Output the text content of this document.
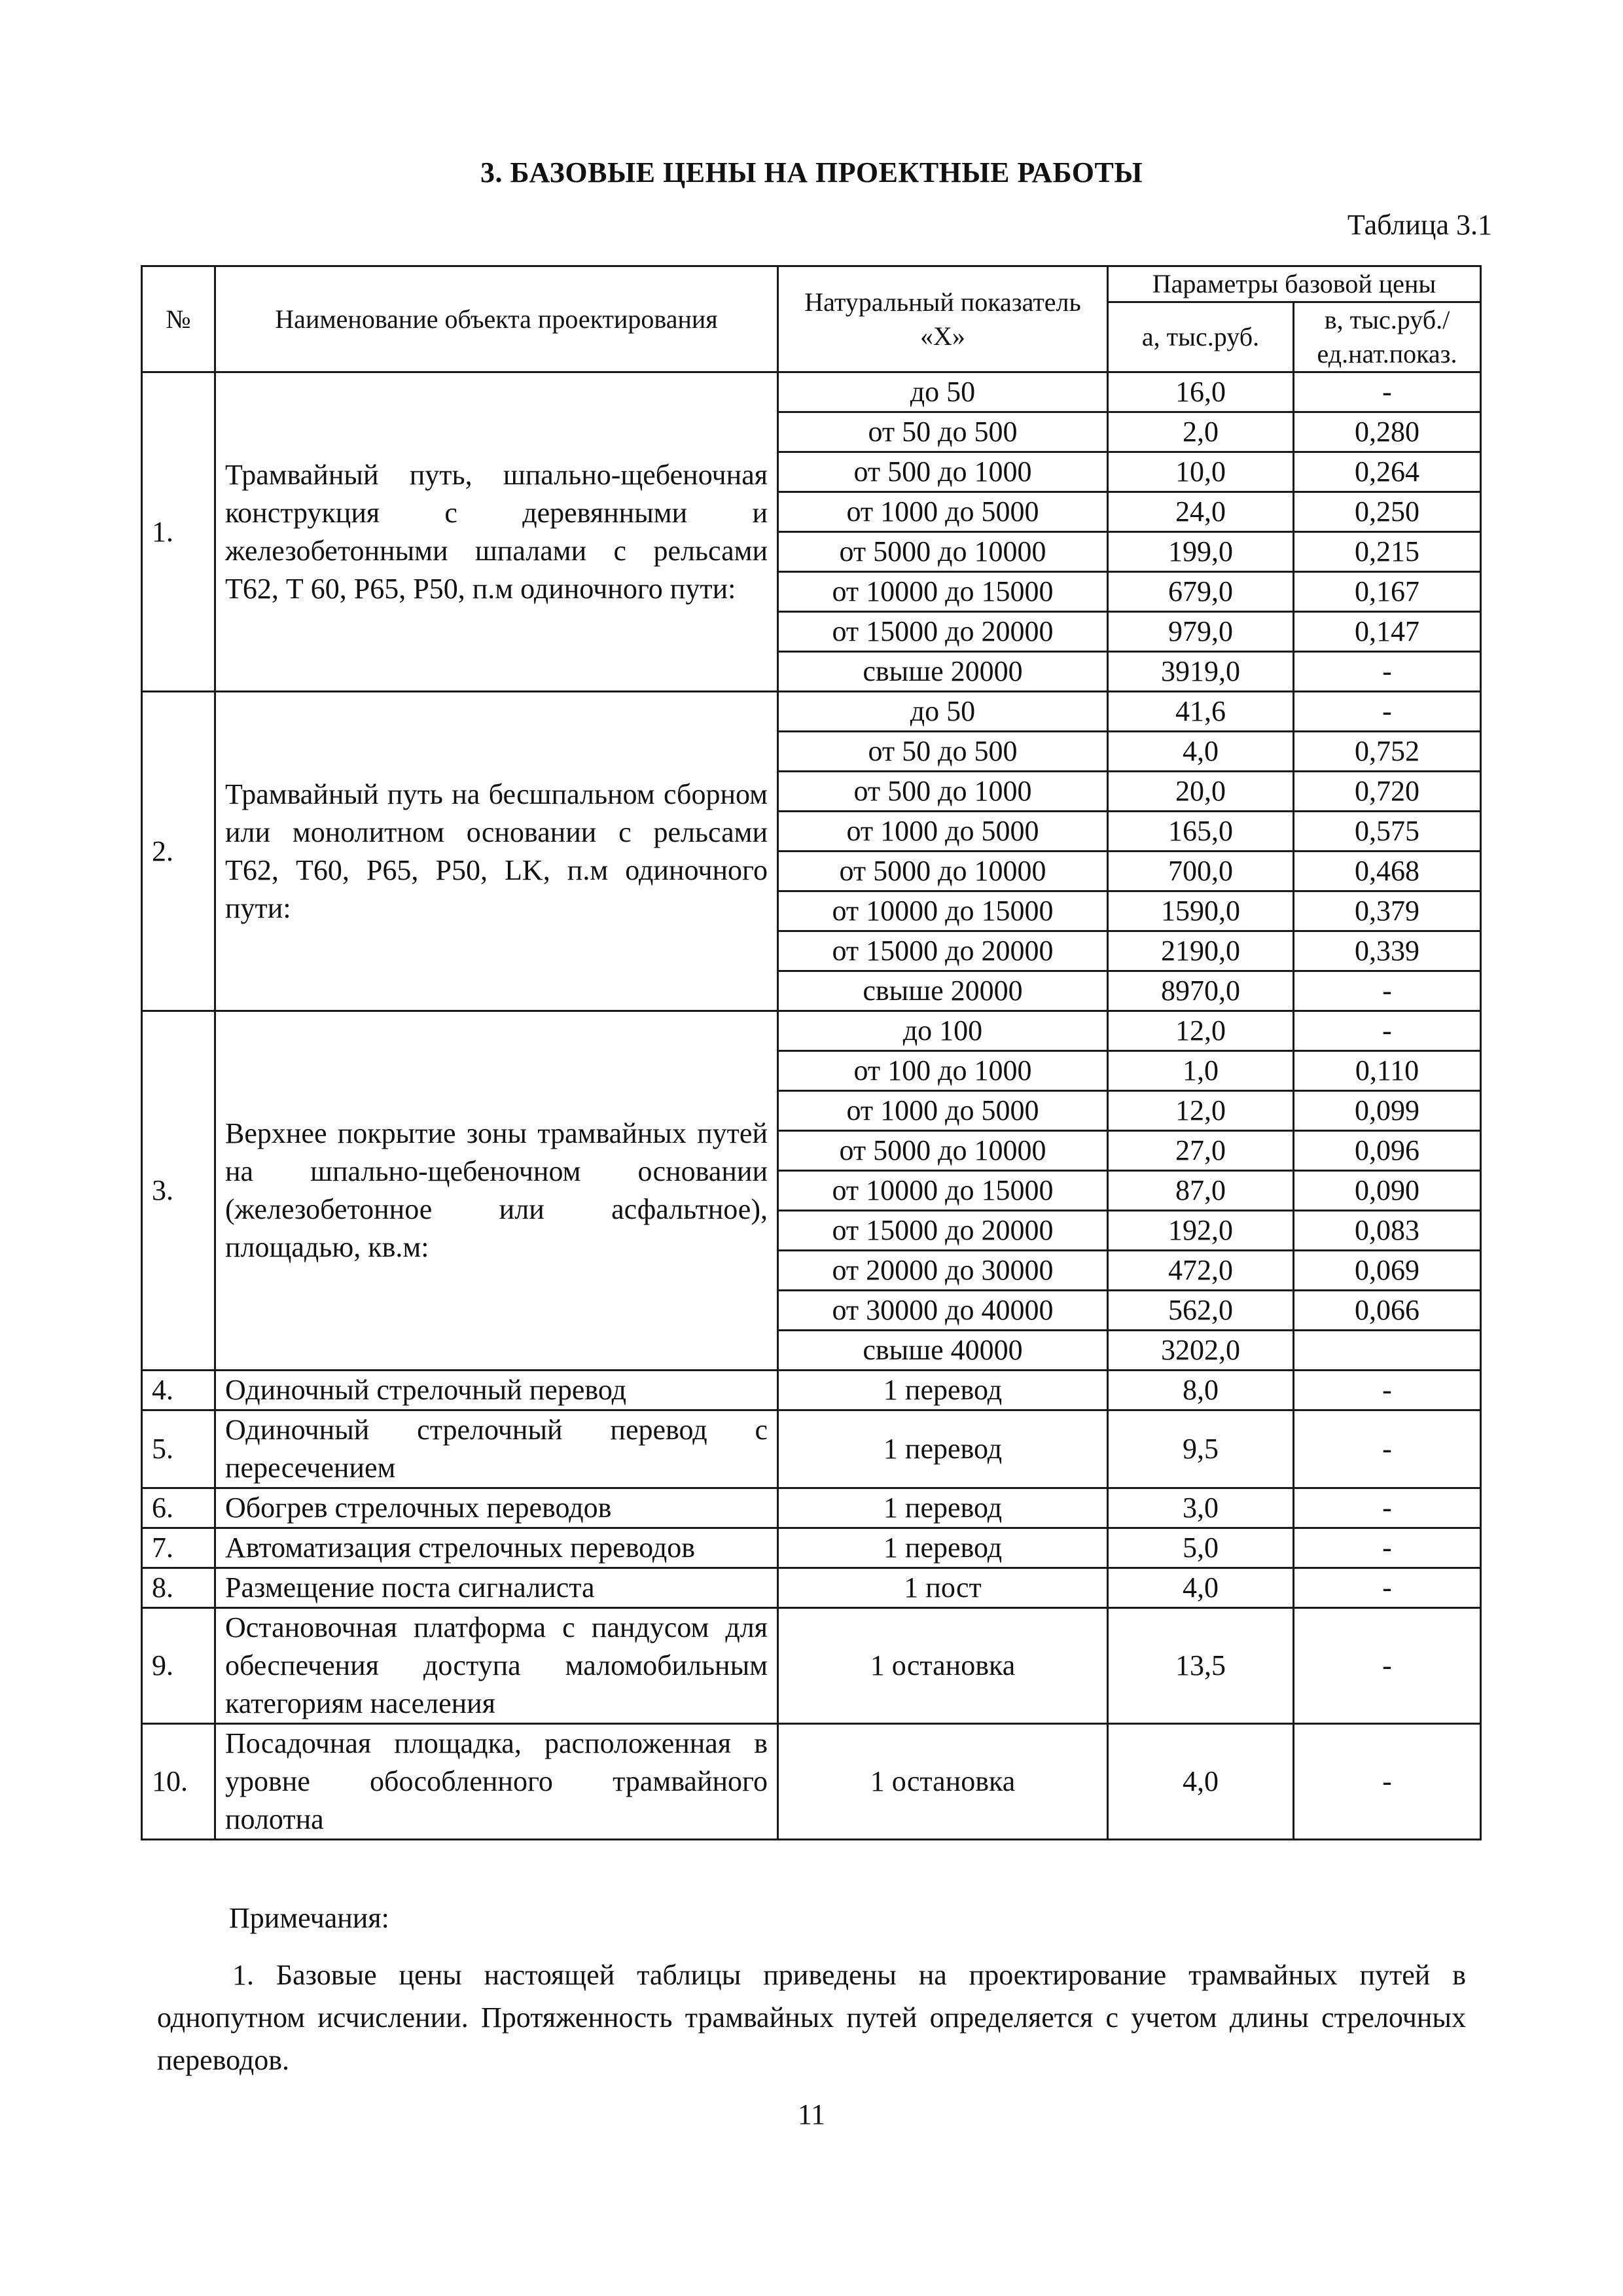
3. БАЗОВЫЕ ЦЕНЫ НА ПРОЕКТНЫЕ РАБОТЫ
Таблица 3.1
№	Наименование объекта проектирования	Натуральный показатель «Х»	Параметры базовой цены	
			а, тыс.руб.	в, тыс.руб./ ед.нат.показ.
1.	Трамвайный путь, шпально-щебеночная конструкция с деревянными и железобетонными шпалами с рельсами Т62, Т 60, Р65, Р50, п.м одиночного пути:	до 50	16,0	-
		от 50 до 500	2,0	0,280
		от 500 до 1000	10,0	0,264
		от 1000 до 5000	24,0	0,250
		от 5000 до 10000	199,0	0,215
		от 10000 до 15000	679,0	0,167
		от 15000 до 20000	979,0	0,147
		свыше 20000	3919,0	-
2.	Трамвайный путь на бесшпальном сборном или монолитном основании с рельсами Т62, Т60, Р65, Р50, LK, п.м одиночного пути:	до 50	41,6	-
		от 50 до 500	4,0	0,752
		от 500 до 1000	20,0	0,720
		от 1000 до 5000	165,0	0,575
		от 5000 до 10000	700,0	0,468
		от 10000 до 15000	1590,0	0,379
		от 15000 до 20000	2190,0	0,339
		свыше 20000	8970,0	-
3.	Верхнее покрытие зоны трамвайных путей на шпально-щебеночном основании (железобетонное или асфальтное), площадью, кв.м:	до 100	12,0	-
		от 100 до 1000	1,0	0,110
		от 1000 до 5000	12,0	0,099
		от 5000 до 10000	27,0	0,096
		от 10000 до 15000	87,0	0,090
		от 15000 до 20000	192,0	0,083
		от 20000 до 30000	472,0	0,069
		от 30000 до 40000	562,0	0,066
		свыше 40000	3202,0	
4.	Одиночный стрелочный перевод	1 перевод	8,0	-
5.	Одиночный стрелочный перевод с пересечением	1 перевод	9,5	-
6.	Обогрев стрелочных переводов	1 перевод	3,0	-
7.	Автоматизация стрелочных переводов	1 перевод	5,0	-
8.	Размещение поста сигналиста	1 пост	4,0	-
9.	Остановочная платформа с пандусом для обеспечения доступа маломобильным категориям населения	1 остановка	13,5	-
10.	Посадочная площадка, расположенная в уровне обособленного трамвайного полотна	1 остановка	4,0	-
Примечания:
1. Базовые цены настоящей таблицы приведены на проектирование трамвайных путей в однопутном исчислении. Протяженность трамвайных путей определяется с учетом длины стрелочных переводов.
11
